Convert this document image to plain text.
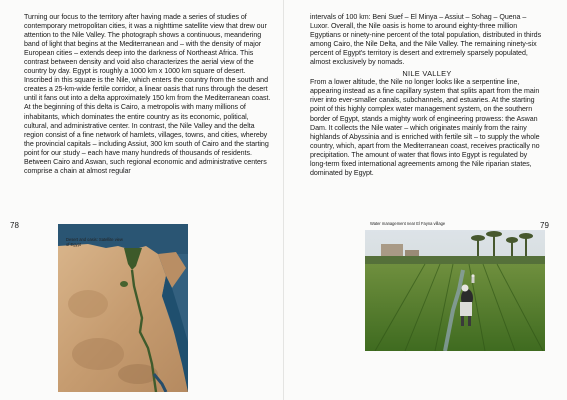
Turning our focus to the territory after having made a series of studies of contemporary metropolitan cities, it was a nighttime satellite view that drew our attention to the Nile Valley. The photograph shows a continuous, meandering band of light that begins at the Mediterranean and – with the density of major European cities – extends deep into the darkness of Northeast Africa. This contrast between density and void also characterizes the aerial view of the country by day. Egypt is roughly a 1000 km x 1000 km square of desert. Inscribed in this square is the Nile, which enters the country from the south and creates a 25-km-wide fertile corridor, a linear oasis that runs through the desert until it fans out into a delta approximately 150 km from the Mediterranean coast. At the beginning of this delta is Cairo, a metropolis with many millions of inhabitants, which dominates the entire country as its economic, political, cultural, and administrative center. In contrast, the Nile Valley and the delta region consist of a fine network of hamlets, villages, towns, and cities, whereby the provincial capitals – including Assiut, 300 km south of Cairo and the starting point for our study – each have many hundreds of thousands of residents. Between Cairo and Aswan, such regional economic and administrative centers comprise a chain at almost regular

78
Desert and oasis: Satellite view of Egypt

intervals of 100 km: Beni Suef – El Minya – Assiut – Sohag – Quena – Luxor. Overall, the Nile oasis is home to around eighty-three million Egyptians or ninety-nine percent of the total population, distributed in thirds among Cairo, the Nile Delta, and the Nile Valley. The remaining ninety-six percent of Egypt's territory is desert and extremely sparsely populated, almost exclusively by nomads.

NILE VALLEY

From a lower altitude, the Nile no longer looks like a serpentine line, appearing instead as a fine capillary system that splits apart from the main river into ever-smaller canals, subchannels, and estuaries. At the starting point of this highly complex water management system, on the southern border of Egypt, stands a mighty work of engineering prowess: the Aswan Dam. It collects the Nile water – which originates mainly from the rainy highlands of Abyssinia and is enriched with fertile silt – to supply the whole country, which, apart from the Mediterranean coast, receives practically no precipitation. The amount of water that flows into Egypt is regulated by long-term fixed international agreements among the Nile riparian states, dominated by Egypt.

79
Water management near El Fayna village
